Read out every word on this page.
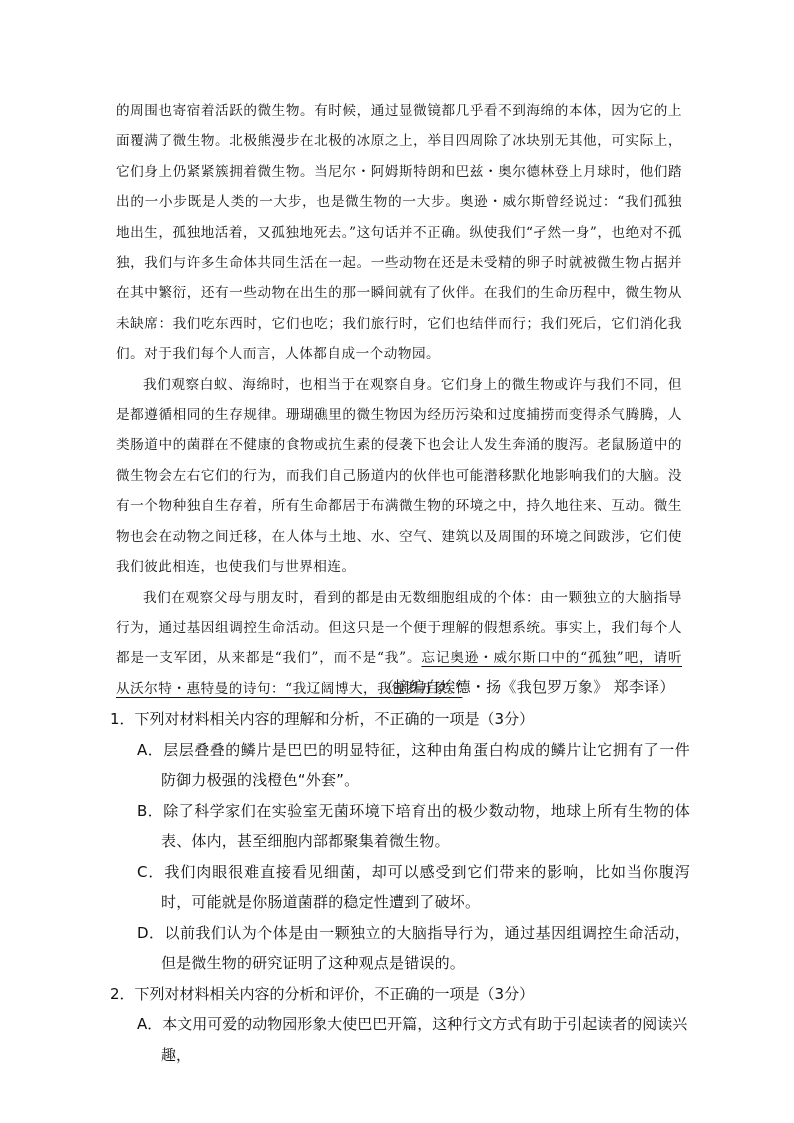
的周围也寄宿着活跃的微生物。有时候，通过显微镜都几乎看不到海绵的本体，因为它的上面覆满了微生物。北极熊漫步在北极的冰原之上，举目四周除了冰块别无其他，可实际上，它们身上仍紧紧簇拥着微生物。当尼尔・阿姆斯特朗和巴兹・奥尔德林登上月球时，他们踏出的一小步既是人类的一大步，也是微生物的一大步。奥逊・威尔斯曾经说过：“我们孤独地出生，孤独地活着，又孤独地死去。”这句话并不正确。纵使我们“孑然一身”，也绝对不孤独，我们与许多生命体共同生活在一起。一些动物在还是未受精的卵子时就被微生物占据并在其中繁衍，还有一些动物在出生的那一瞬间就有了伙伴。在我们的生命历程中，微生物从未缺席：我们吃东西时，它们也吃；我们旅行时，它们也结伴而行；我们死后，它们消化我们。对于我们每个人而言，人体都自成一个动物园。

我们观察白蚁、海绵时，也相当于在观察自身。它们身上的微生物或许与我们不同，但是都遵循相同的生存规律。珊瑚礁里的微生物因为经历污染和过度捕捞而变得杀气腾腾，人类肠道中的菌群在不健康的食物或抗生素的侵袭下也会让人发生奔涌的腹泻。老鼠肠道中的微生物会左右它们的行为，而我们自己肠道内的伙伴也可能潜移默化地影响我们的大脑。没有一个物种独自生存着，所有生命都居于布满微生物的环境之中，持久地往来、互动。微生物也会在动物之间迁移，在人体与土地、水、空气、建筑以及周围的环境之间跋涉，它们使我们彼此相连，也使我们与世界相连。

我们在观察父母与朋友时，看到的都是由无数细胞组成的个体：由一颗独立的大脑指导行为，通过基因组调控生命活动。但这只是一个便于理解的假想系统。事实上，我们每个人都是一支军团，从来都是“我们”，而不是“我”。忘记奥逊・威尔斯口中的“孤独”吧，请听从沃尔特・惠特曼的诗句：“我辽阔博大，我包罗万象。”

（摘编自埃德・扬《我包罗万象》 郑李译）

1．下列对材料相关内容的理解和分析，不正确的一项是（3分）

A．层层叠叠的鳞片是巴巴的明显特征，这种由角蛋白构成的鳞片让它拥有了一件防御力极强的浅橙色“外套”。

B．除了科学家们在实验室无菌环境下培育出的极少数动物，地球上所有生物的体表、体内，甚至细胞内部都聚集着微生物。

C．我们肉眼很难直接看见细菌，却可以感受到它们带来的影响，比如当你腹泻时，可能就是你肠道菌群的稳定性遭到了破坏。

D．以前我们认为个体是由一颗独立的大脑指导行为，通过基因组调控生命活动，但是微生物的研究证明了这种观点是错误的。

2．下列对材料相关内容的分析和评价，不正确的一项是（3分）

A．本文用可爱的动物园形象大使巴巴开篇，这种行文方式有助于引起读者的阅读兴趣，
